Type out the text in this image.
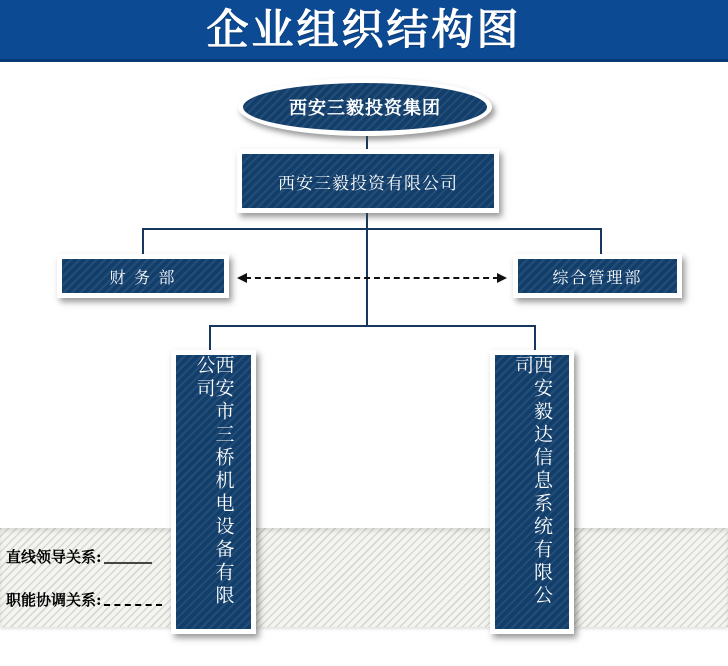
企业组织结构图
西安三毅投资集团
西安三毅投资有限公司
财 务 部	综合管理部
西安市三桥机电设备有限公司	西安毅达信息系统有限公司
直线领导关系:
职能协调关系:
